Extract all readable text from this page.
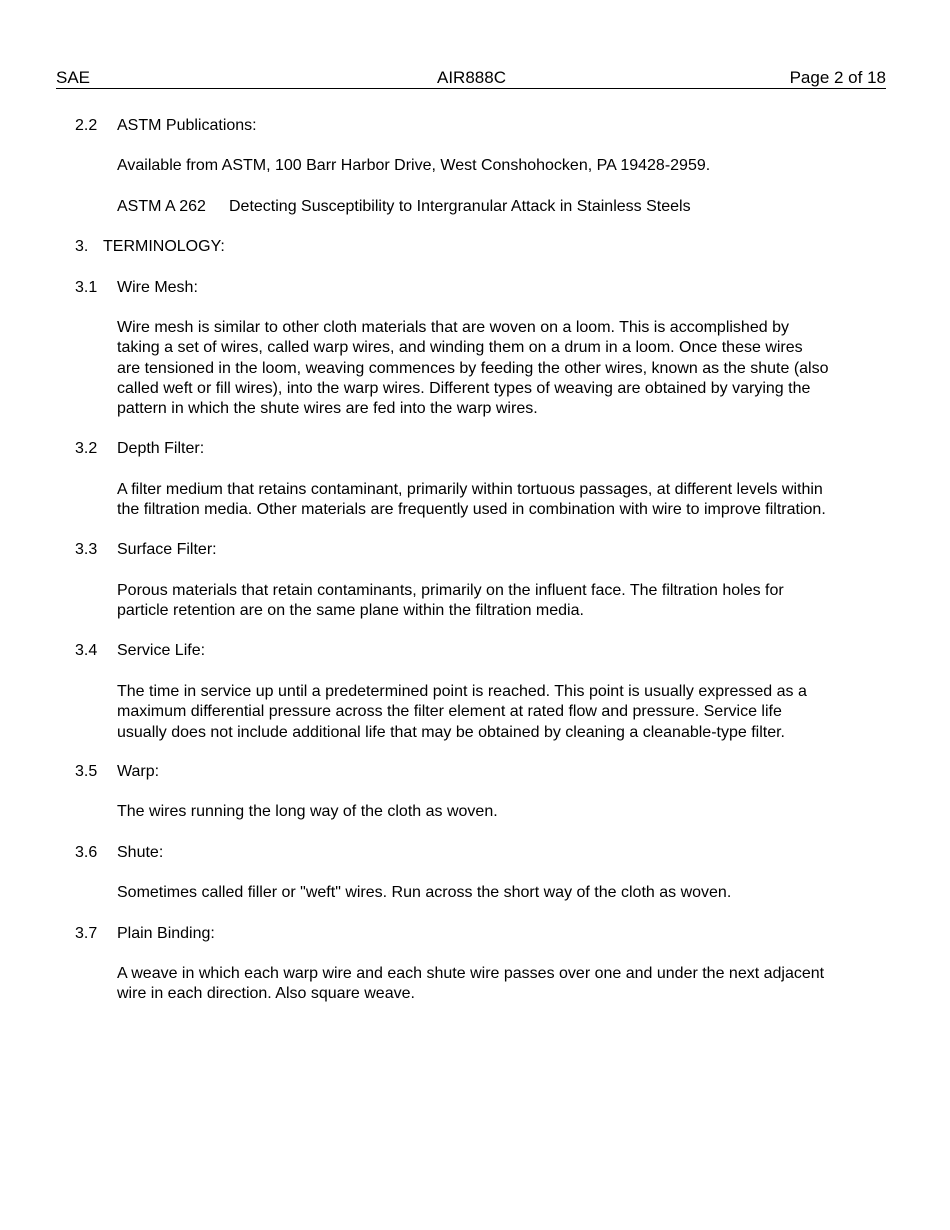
SAE	AIR888C	Page 2 of 18
2.2 ASTM Publications:
Available from ASTM, 100 Barr Harbor Drive, West Conshohocken, PA 19428-2959.
ASTM A 262 Detecting Susceptibility to Intergranular Attack in Stainless Steels
3. TERMINOLOGY:
3.1 Wire Mesh:
Wire mesh is similar to other cloth materials that are woven on a loom. This is accomplished by
taking a set of wires, called warp wires, and winding them on a drum in a loom. Once these wires
are tensioned in the loom, weaving commences by feeding the other wires, known as the shute (also
called weft or fill wires), into the warp wires. Different types of weaving are obtained by varying the
pattern in which the shute wires are fed into the warp wires.
3.2 Depth Filter:
A filter medium that retains contaminant, primarily within tortuous passages, at different levels within
the filtration media. Other materials are frequently used in combination with wire to improve filtration.
3.3 Surface Filter:
Porous materials that retain contaminants, primarily on the influent face. The filtration holes for
particle retention are on the same plane within the filtration media.
3.4 Service Life:
The time in service up until a predetermined point is reached. This point is usually expressed as a
maximum differential pressure across the filter element at rated flow and pressure. Service life
usually does not include additional life that may be obtained by cleaning a cleanable-type filter.
3.5 Warp:
The wires running the long way of the cloth as woven.
3.6 Shute:
Sometimes called filler or "weft" wires. Run across the short way of the cloth as woven.
3.7 Plain Binding:
A weave in which each warp wire and each shute wire passes over one and under the next adjacent
wire in each direction. Also square weave.
